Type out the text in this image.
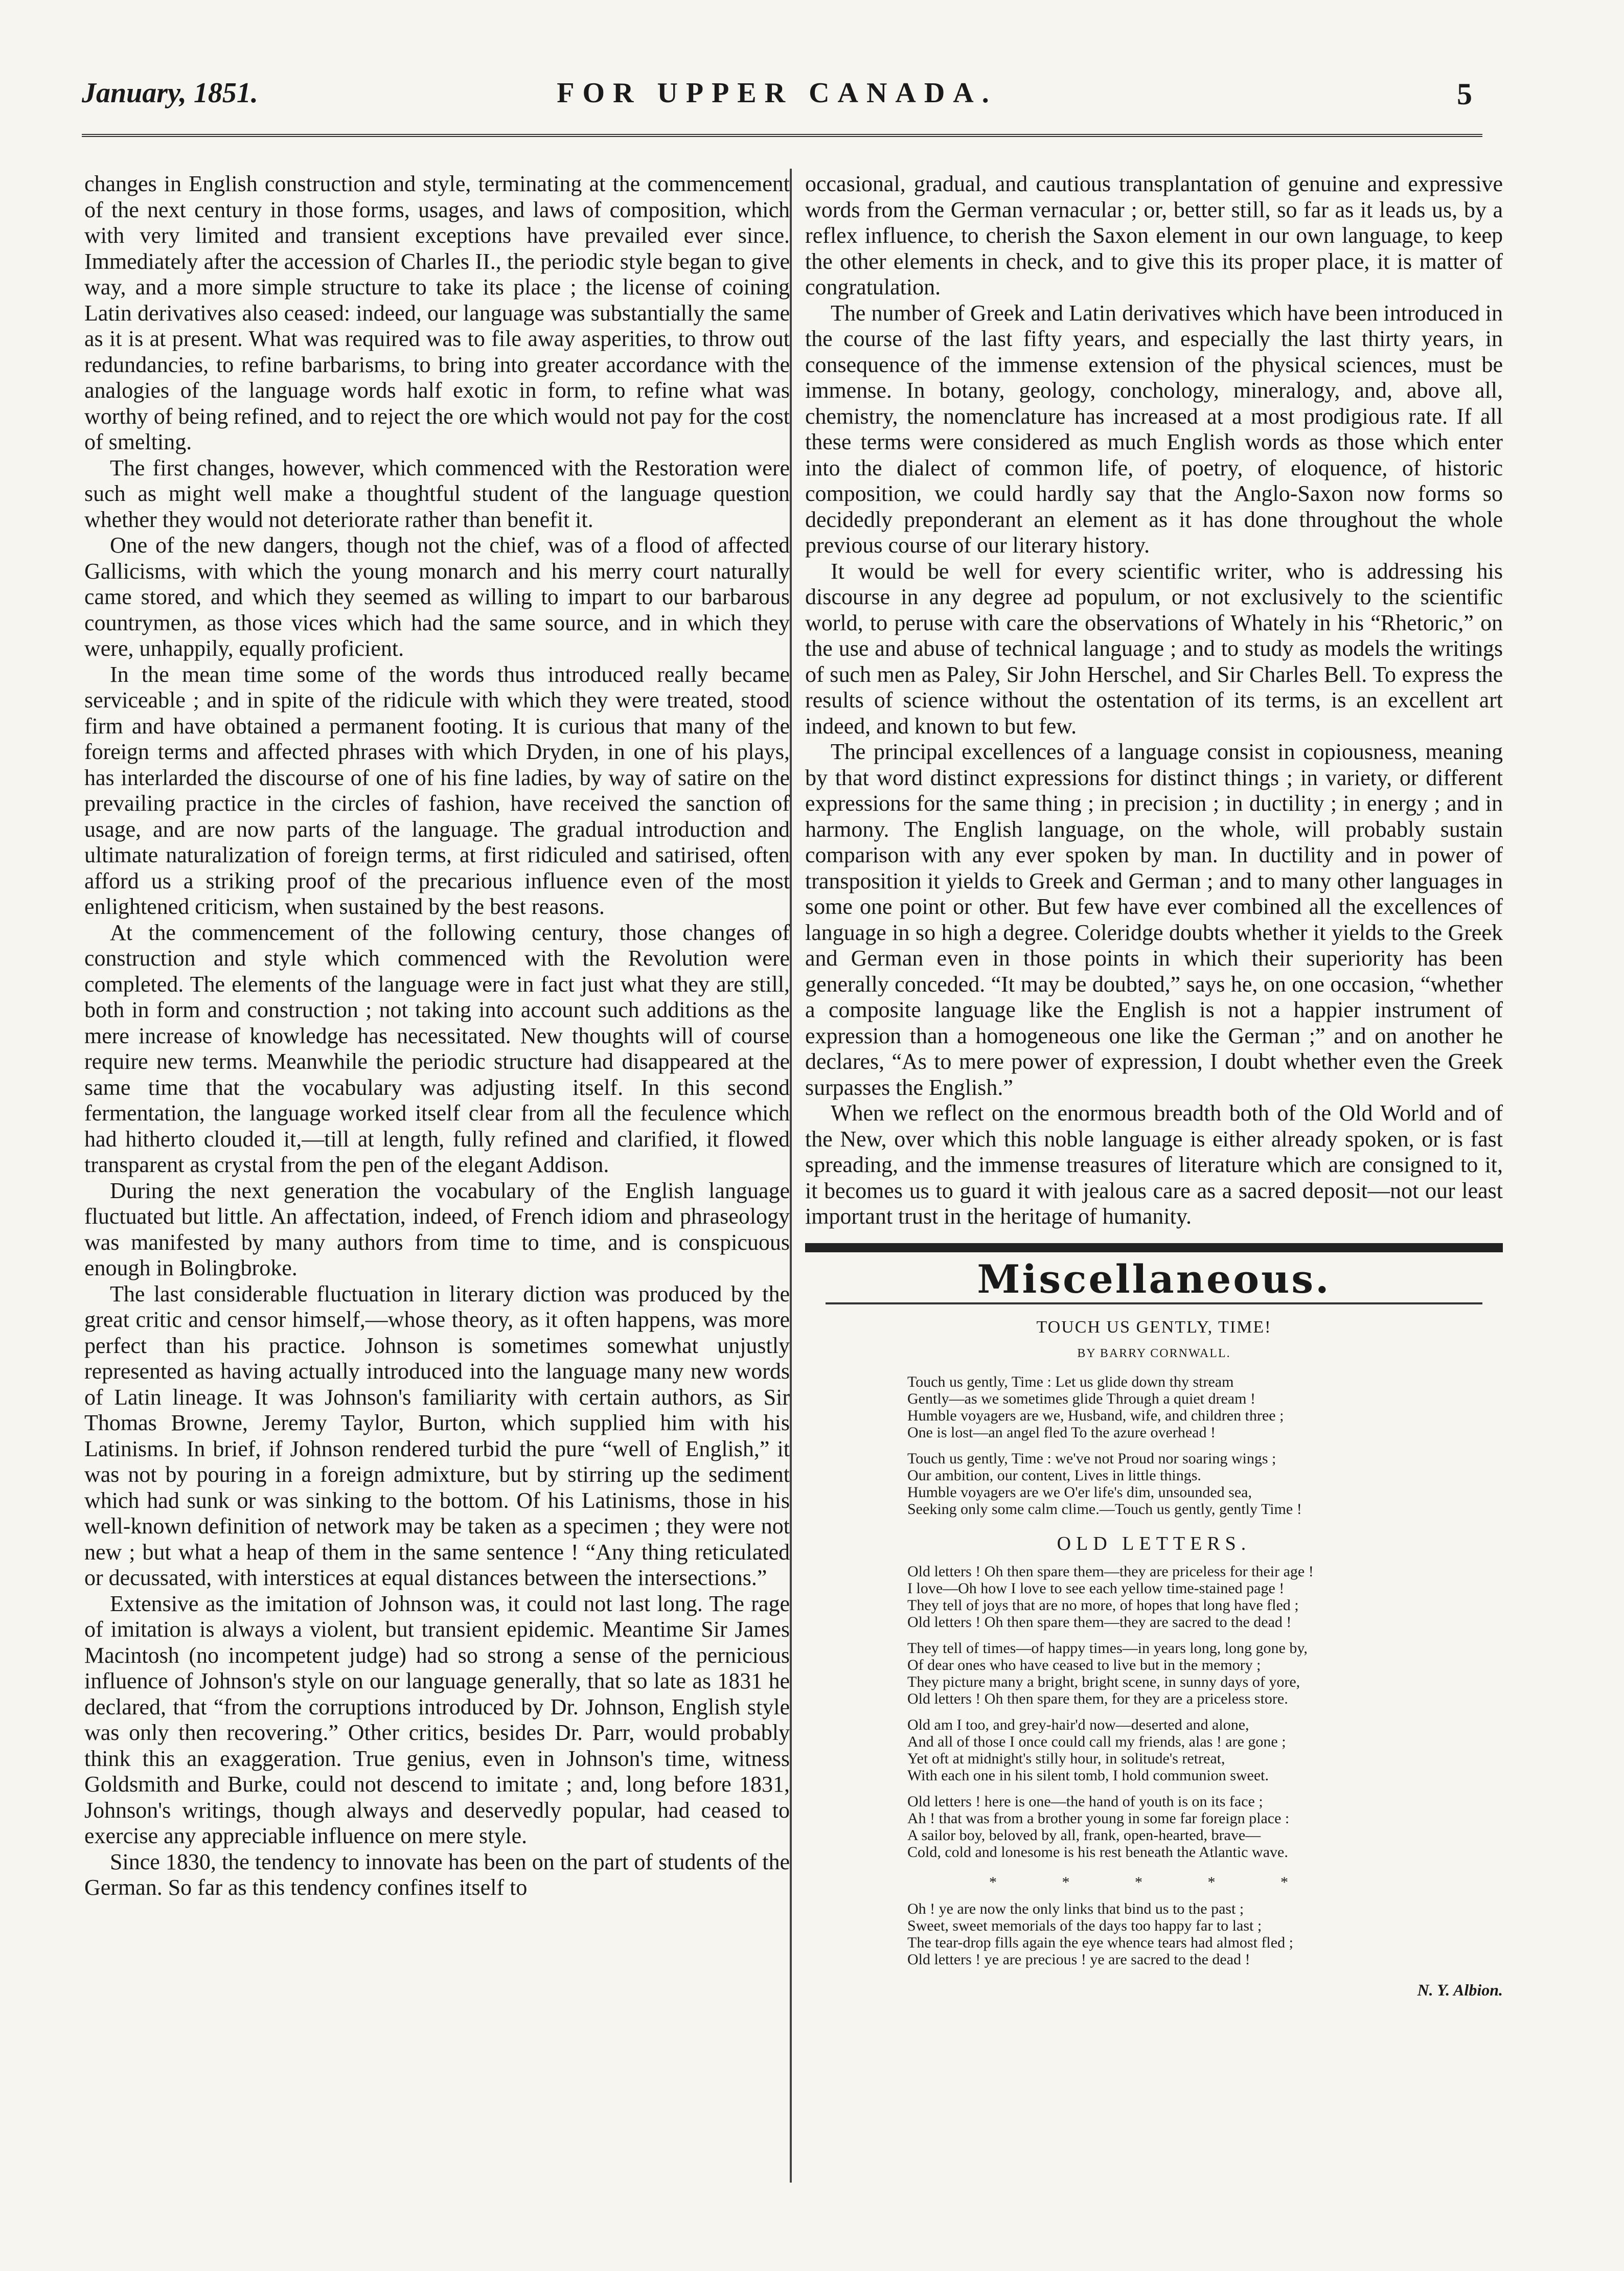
January, 1851.	FOR UPPER CANADA.	5

changes in English construction and style, terminating at the commencement of the next century in those forms, usages, and laws of composition, which with very limited and transient exceptions have prevailed ever since. Immediately after the accession of Charles II., the periodic style began to give way, and a more simple structure to take its place ; the license of coining Latin derivatives also ceased: indeed, our language was substantially the same as it is at present. What was required was to file away asperities, to throw out redundancies, to refine barbarisms, to bring into greater accordance with the analogies of the language words half exotic in form, to refine what was worthy of being refined, and to reject the ore which would not pay for the cost of smelting.

The first changes, however, which commenced with the Restoration were such as might well make a thoughtful student of the language question whether they would not deteriorate rather than benefit it.

One of the new dangers, though not the chief, was of a flood of affected Gallicisms, with which the young monarch and his merry court naturally came stored, and which they seemed as willing to impart to our barbarous countrymen, as those vices which had the same source, and in which they were, unhappily, equally proficient.

In the mean time some of the words thus introduced really became serviceable ; and in spite of the ridicule with which they were treated, stood firm and have obtained a permanent footing. It is curious that many of the foreign terms and affected phrases with which Dryden, in one of his plays, has interlarded the discourse of one of his fine ladies, by way of satire on the prevailing practice in the circles of fashion, have received the sanction of usage, and are now parts of the language. The gradual introduction and ultimate naturalization of foreign terms, at first ridiculed and satirised, often afford us a striking proof of the precarious influence even of the most enlightened criticism, when sustained by the best reasons.

At the commencement of the following century, those changes of construction and style which commenced with the Revolution were completed. The elements of the language were in fact just what they are still, both in form and construction ; not taking into account such additions as the mere increase of knowledge has necessitated. New thoughts will of course require new terms. Meanwhile the periodic structure had disappeared at the same time that the vocabulary was adjusting itself. In this second fermentation, the language worked itself clear from all the feculence which had hitherto clouded it,—till at length, fully refined and clarified, it flowed transparent as crystal from the pen of the elegant Addison.

During the next generation the vocabulary of the English language fluctuated but little. An affectation, indeed, of French idiom and phraseology was manifested by many authors from time to time, and is conspicuous enough in Bolingbroke.

The last considerable fluctuation in literary diction was produced by the great critic and censor himself,—whose theory, as it often happens, was more perfect than his practice. Johnson is sometimes somewhat unjustly represented as having actually introduced into the language many new words of Latin lineage. It was Johnson's familiarity with certain authors, as Sir Thomas Browne, Jeremy Taylor, Burton, which supplied him with his Latinisms. In brief, if Johnson rendered turbid the pure “well of English,” it was not by pouring in a foreign admixture, but by stirring up the sediment which had sunk or was sinking to the bottom. Of his Latinisms, those in his well-known definition of network may be taken as a specimen ; they were not new ; but what a heap of them in the same sentence ! “Any thing reticulated or decussated, with interstices at equal distances between the intersections.”

Extensive as the imitation of Johnson was, it could not last long. The rage of imitation is always a violent, but transient epidemic. Meantime Sir James Macintosh (no incompetent judge) had so strong a sense of the pernicious influence of Johnson's style on our language generally, that so late as 1831 he declared, that “from the corruptions introduced by Dr. Johnson, English style was only then recovering.” Other critics, besides Dr. Parr, would probably think this an exaggeration. True genius, even in Johnson's time, witness Goldsmith and Burke, could not descend to imitate ; and, long before 1831, Johnson's writings, though always and deservedly popular, had ceased to exercise any appreciable influence on mere style.

Since 1830, the tendency to innovate has been on the part of students of the German. So far as this tendency confines itself to

occasional, gradual, and cautious transplantation of genuine and expressive words from the German vernacular ; or, better still, so far as it leads us, by a reflex influence, to cherish the Saxon element in our own language, to keep the other elements in check, and to give this its proper place, it is matter of congratulation.

The number of Greek and Latin derivatives which have been introduced in the course of the last fifty years, and especially the last thirty years, in consequence of the immense extension of the physical sciences, must be immense. In botany, geology, conchology, mineralogy, and, above all, chemistry, the nomenclature has increased at a most prodigious rate. If all these terms were considered as much English words as those which enter into the dialect of common life, of poetry, of eloquence, of historic composition, we could hardly say that the Anglo-Saxon now forms so decidedly preponderant an element as it has done throughout the whole previous course of our literary history.

It would be well for every scientific writer, who is addressing his discourse in any degree ad populum, or not exclusively to the scientific world, to peruse with care the observations of Whately in his “Rhetoric,” on the use and abuse of technical language ; and to study as models the writings of such men as Paley, Sir John Herschel, and Sir Charles Bell. To express the results of science without the ostentation of its terms, is an excellent art indeed, and known to but few.

The principal excellences of a language consist in copiousness, meaning by that word distinct expressions for distinct things ; in variety, or different expressions for the same thing ; in precision ; in ductility ; in energy ; and in harmony. The English language, on the whole, will probably sustain comparison with any ever spoken by man. In ductility and in power of transposition it yields to Greek and German ; and to many other languages in some one point or other. But few have ever combined all the excellences of language in so high a degree. Coleridge doubts whether it yields to the Greek and German even in those points in which their superiority has been generally conceded. “It may be doubted,” says he, on one occasion, “whether a composite language like the English is not a happier instrument of expression than a homogeneous one like the German ;” and on another he declares, “As to mere power of expression, I doubt whether even the Greek surpasses the English.”

When we reflect on the enormous breadth both of the Old World and of the New, over which this noble language is either already spoken, or is fast spreading, and the immense treasures of literature which are consigned to it, it becomes us to guard it with jealous care as a sacred deposit—not our least important trust in the heritage of humanity.

Miscellaneous.
TOUCH US GENTLY, TIME!
BY BARRY CORNWALL.
Touch us gently, Time : Let us glide down thy stream
Gently—as we sometimes glide Through a quiet dream !
Humble voyagers are we, Husband, wife, and children three ;
One is lost—an angel fled To the azure overhead !
Touch us gently, Time : we've not Proud nor soaring wings ;
Our ambition, our content, Lives in little things.
Humble voyagers are we O'er life's dim, unsounded sea,
Seeking only some calm clime.—Touch us gently, gently Time !
OLD LETTERS.
Old letters ! Oh then spare them—they are priceless for their age !
I love—Oh how I love to see each yellow time-stained page !
They tell of joys that are no more, of hopes that long have fled ;
Old letters ! Oh then spare them—they are sacred to the dead !
They tell of times—of happy times—in years long, long gone by,
Of dear ones who have ceased to live but in the memory ;
They picture many a bright, bright scene, in sunny days of yore,
Old letters ! Oh then spare them, for they are a priceless store.
Old am I too, and grey-hair'd now—deserted and alone,
And all of those I once could call my friends, alas ! are gone ;
Yet oft at midnight's stilly hour, in solitude's retreat,
With each one in his silent tomb, I hold communion sweet.
Old letters ! here is one—the hand of youth is on its face ;
Ah ! that was from a brother young in some far foreign place :
A sailor boy, beloved by all, frank, open-hearted, brave—
Cold, cold and lonesome is his rest beneath the Atlantic wave.
* * * * *
Oh ! ye are now the only links that bind us to the past ;
Sweet, sweet memorials of the days too happy far to last ;
The tear-drop fills again the eye whence tears had almost fled ;
Old letters ! ye are precious ! ye are sacred to the dead !
N. Y. Albion.
